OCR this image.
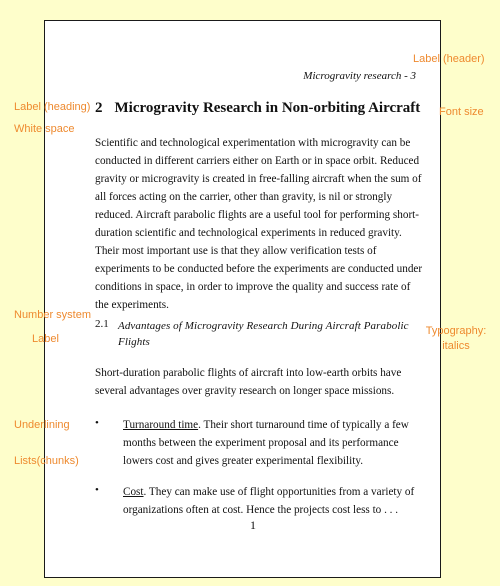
Label (header)
Label (heading)
White space
Font size
Number system
Label
Typography:
italics
Underlining
Lists(chunks)
Microgravity research - 3
2 Microgravity Research in Non-orbiting Aircraft
Scientific and technological experimentation with microgravity can be conducted in different carriers either on Earth or in space orbit. Reduced gravity or microgravity is created in free-falling aircraft when the sum of all forces acting on the carrier, other than gravity, is nil or strongly reduced. Aircraft parabolic flights are a useful tool for performing short-duration scientific and technological experiments in reduced gravity. Their most important use is that they allow verification tests of experiments to be conducted before the experiments are conducted under conditions in space, in order to improve the quality and success rate of the experiments.
2.1 Advantages of Microgravity Research During Aircraft Parabolic Flights
Short-duration parabolic flights of aircraft into low-earth orbits have several advantages over gravity research on longer space missions.
• Turnaround time. Their short turnaround time of typically a few months between the experiment proposal and its performance lowers cost and gives greater experimental flexibility.
• Cost. They can make use of flight opportunities from a variety of organizations often at cost. Hence the projects cost less to . . .
1
